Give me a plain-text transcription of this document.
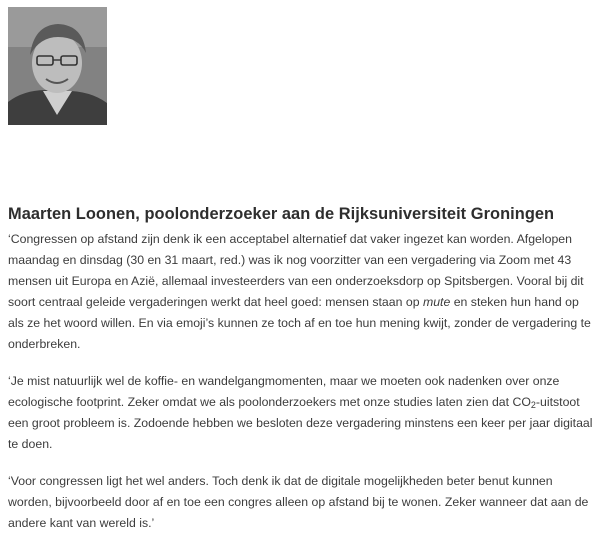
Maarten Loonen, poolonderzoeker aan de Rijksuniversiteit Groningen

‘Congressen op afstand zijn denk ik een acceptabel alternatief dat vaker ingezet kan worden. Afgelopen maandag en dinsdag (30 en 31 maart, red.) was ik nog voorzitter van een vergadering via Zoom met 43 mensen uit Europa en Azië, allemaal investeerders van een onderzoeksdorp op Spitsbergen. Vooral bij dit soort centraal geleide vergaderingen werkt dat heel goed: mensen staan op mute en steken hun hand op als ze het woord willen. En via emoji’s kunnen ze toch af en toe hun mening kwijt, zonder de vergadering te onderbreken.

‘Je mist natuurlijk wel de koffie- en wandelgangmomenten, maar we moeten ook nadenken over onze ecologische footprint. Zeker omdat we als poolonderzoekers met onze studies laten zien dat $CO_2$-uitstoot een groot probleem is. Zodoende hebben we besloten deze vergadering minstens een keer per jaar digitaal te doen.

‘Voor congressen ligt het wel anders. Toch denk ik dat de digitale mogelijkheden beter benut kunnen worden, bijvoorbeeld door af en toe een congres alleen op afstand bij te wonen. Zeker wanneer dat aan de andere kant van wereld is.’
